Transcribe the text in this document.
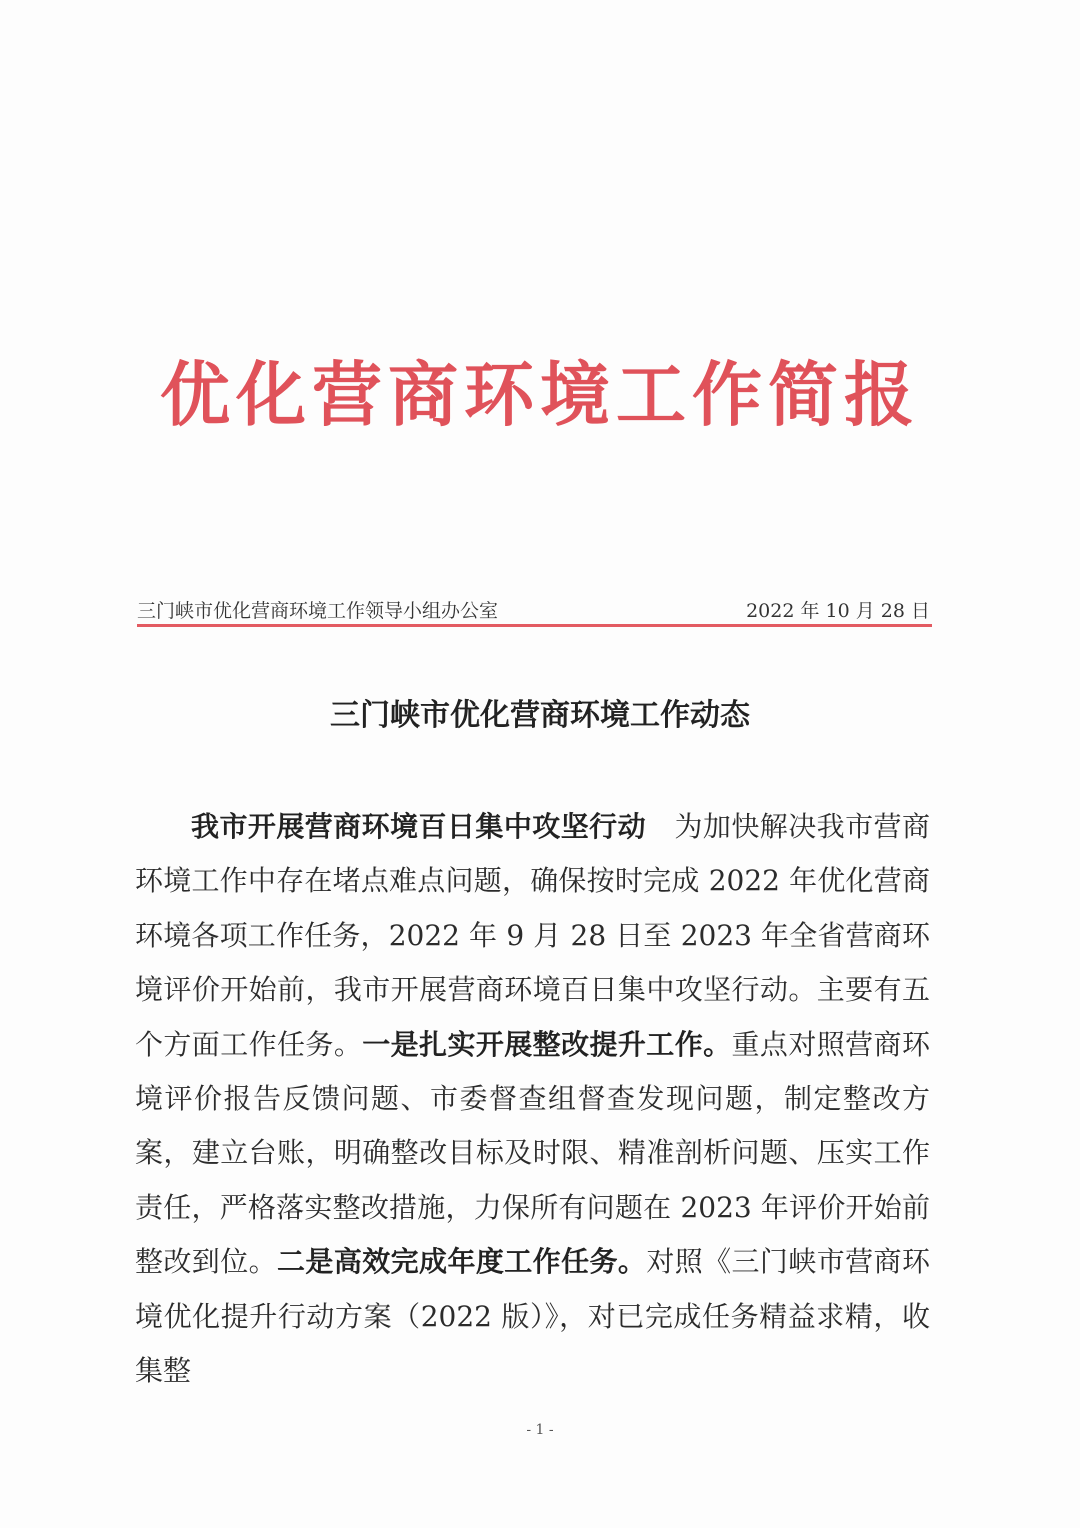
优化营商环境工作简报
三门峡市优化营商环境工作领导小组办公室	2022 年 10 月 28 日
三门峡市优化营商环境工作动态
我市开展营商环境百日集中攻坚行动　 为加快解决我市营商环境工作中存在堵点难点问题，确保按时完成 2022 年优化营商环境各项工作任务，2022 年 9 月 28 日至 2023 年全省营商环境评价开始前，我市开展营商环境百日集中攻坚行动。主要有五个方面工作任务。一是扎实开展整改提升工作。重点对照营商环境评价报告反馈问题、市委督查组督查发现问题，制定整改方案，建立台账，明确整改目标及时限、精准剖析问题、压实工作责任，严格落实整改措施，力保所有问题在 2023 年评价开始前整改到位。二是高效完成年度工作任务。对照《三门峡市营商环境优化提升行动方案（2022 版）》，对已完成任务精益求精，收集整
- 1 -
